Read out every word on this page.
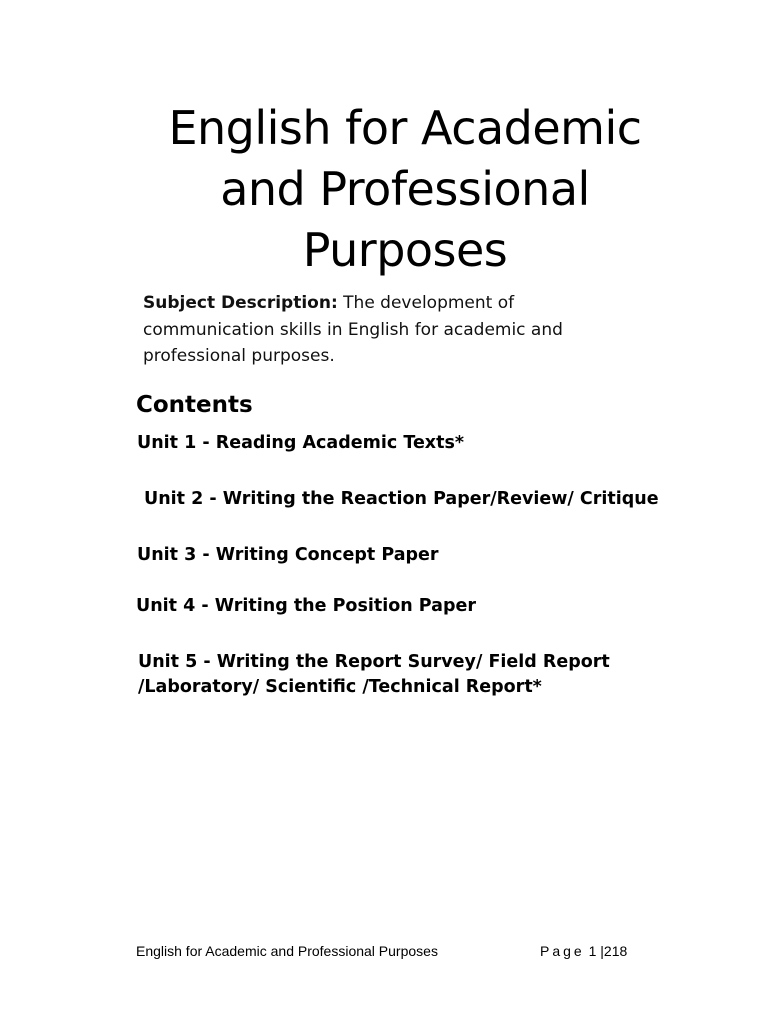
English for Academic
and Professional
Purposes
Subject Description: The development of communication skills in English for academic and professional purposes.
Contents
Unit 1 - Reading Academic Texts*
Unit 2 - Writing the Reaction Paper/Review/ Critique
Unit 3 - Writing Concept Paper
Unit 4 - Writing the Position Paper
Unit 5 - Writing the Report Survey/ Field Report
/Laboratory/ Scientific /Technical Report*
English for Academic and Professional Purposes	Page 1 |218
